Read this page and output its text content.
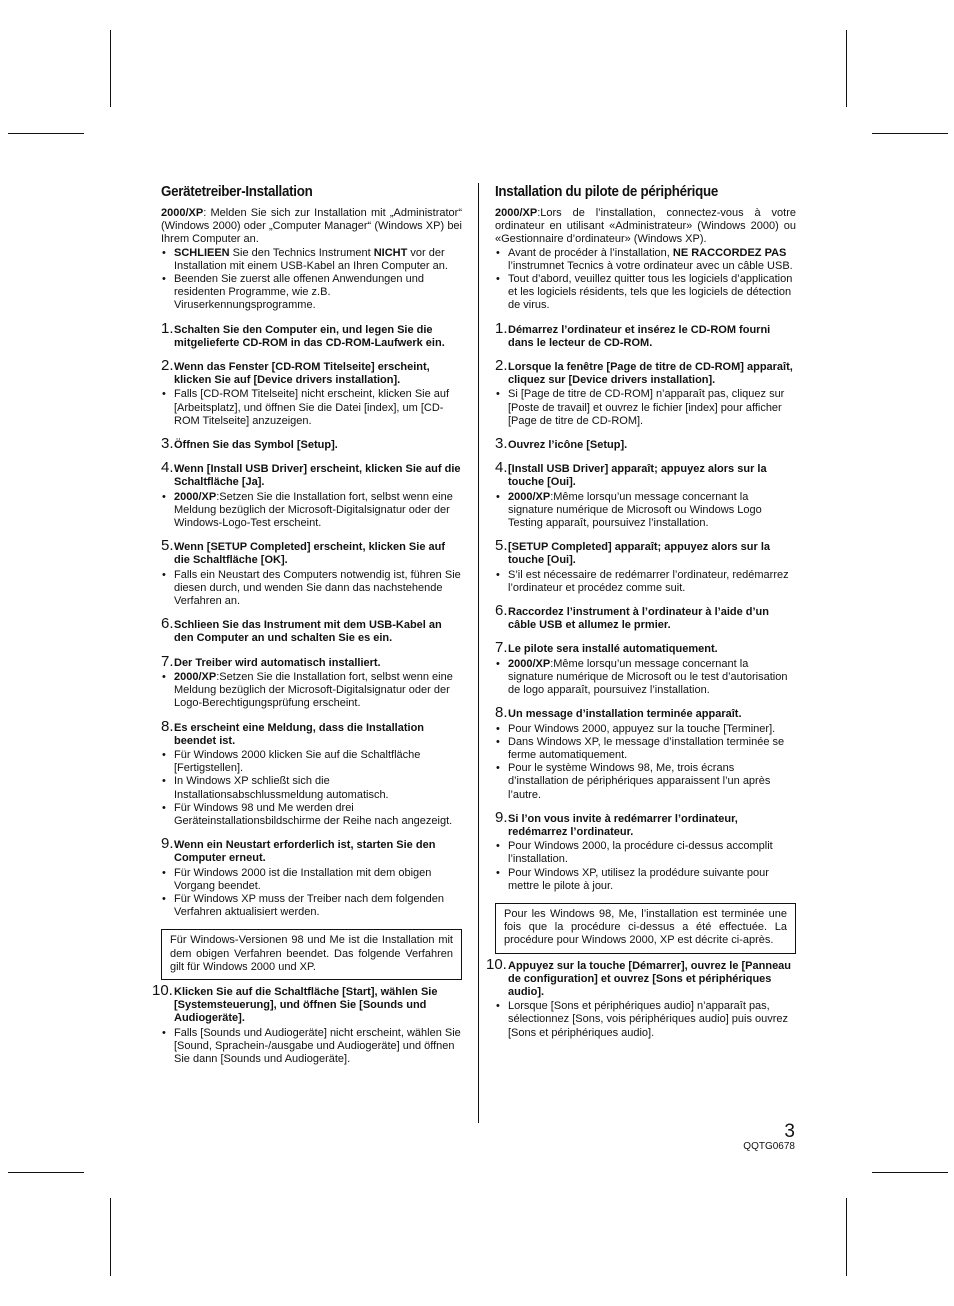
Gerätetreiber-Installation

2000/XP: Melden Sie sich zur Installation mit „Administrator“ (Windows 2000) oder „Computer Manager“ (Windows XP) bei Ihrem Computer an.

• SCHLIEEN Sie den Technics Instrument NICHT vor der Installation mit einem USB-Kabel an Ihren Computer an.
• Beenden Sie zuerst alle offenen Anwendungen und residenten Programme, wie z.B. Viruserkennungsprogramme.
1. Schalten Sie den Computer ein, und legen Sie die mitgelieferte CD-ROM in das CD-ROM-Laufwerk ein.
2. Wenn das Fenster [CD-ROM Titelseite] erscheint, klicken Sie auf [Device drivers installation].
• Falls [CD-ROM Titelseite] nicht erscheint, klicken Sie auf [Arbeitsplatz], und öffnen Sie die Datei [index], um [CD-ROM Titelseite] anzuzeigen.
3. Öffnen Sie das Symbol [Setup].
4. Wenn [Install USB Driver] erscheint, klicken Sie auf die Schaltfläche [Ja].
• 2000/XP:Setzen Sie die Installation fort, selbst wenn eine Meldung bezüglich der Microsoft-Digitalsignatur oder der Windows-Logo-Test erscheint.
5. Wenn [SETUP Completed] erscheint, klicken Sie auf die Schaltfläche [OK].
• Falls ein Neustart des Computers notwendig ist, führen Sie diesen durch, und wenden Sie dann das nachstehende Verfahren an.
6. Schlieen Sie das Instrument mit dem USB-Kabel an den Computer an und schalten Sie es ein.
7. Der Treiber wird automatisch installiert.
• 2000/XP:Setzen Sie die Installation fort, selbst wenn eine Meldung bezüglich der Microsoft-Digitalsignatur oder der Logo-Berechtigungsprüfung erscheint.
8. Es erscheint eine Meldung, dass die Installation beendet ist.
• Für Windows 2000 klicken Sie auf die Schaltfläche [Fertigstellen].
• In Windows XP schließt sich die Installationsabschlussmeldung automatisch.
• Für Windows 98 und Me werden drei Geräteinstallationsbildschirme der Reihe nach angezeigt.
9. Wenn ein Neustart erforderlich ist, starten Sie den Computer erneut.
• Für Windows 2000 ist die Installation mit dem obigen Vorgang beendet.
• Für Windows XP muss der Treiber nach dem folgenden Verfahren aktualisiert werden.
Für Windows-Versionen 98 und Me ist die Installation mit dem obigen Verfahren beendet. Das folgende Verfahren gilt für Windows 2000 und XP.
10. Klicken Sie auf die Schaltfläche [Start], wählen Sie [Systemsteuerung], und öffnen Sie [Sounds und Audiogeräte].
• Falls [Sounds und Audiogeräte] nicht erscheint, wählen Sie [Sound, Sprachein-/ausgabe und Audiogeräte] und öffnen Sie dann [Sounds und Audiogeräte].
Installation du pilote de périphérique

2000/XP:Lors de l’installation, connectez-vous à votre ordinateur en utilisant «Administrateur» (Windows 2000) ou «Gestionnaire d’ordinateur» (Windows XP).

• Avant de procéder à l’installation, NE RACCORDEZ PAS l’instrumnet Tecnics à votre ordinateur avec un câble USB.
• Tout d’abord, veuillez quitter tous les logiciels d’application et les logiciels résidents, tels que les logiciels de détection de virus.
1. Démarrez l’ordinateur et insérez le CD-ROM fourni dans le lecteur de CD-ROM.
2. Lorsque la fenêtre [Page de titre de CD-ROM] apparaît, cliquez sur [Device drivers installation].
• Si [Page de titre de CD-ROM] n’apparaît pas, cliquez sur [Poste de travail] et ouvrez le fichier [index] pour afficher [Page de titre de CD-ROM].
3. Ouvrez l’icône [Setup].
4. [Install USB Driver] apparaît; appuyez alors sur la touche [Oui].
• 2000/XP:Même lorsqu’un message concernant la signature numérique de Microsoft ou Windows Logo Testing apparaît, poursuivez l’installation.
5. [SETUP Completed] apparaît; appuyez alors sur la touche [Oui].
• S’il est nécessaire de redémarrer l’ordinateur, redémarrez l’ordinateur et procédez comme suit.
6. Raccordez l’instrument à l’ordinateur à l’aide d’un câble USB et allumez le prmier.
7. Le pilote sera installé automatiquement.
• 2000/XP:Même lorsqu’un message concernant la signature numérique de Microsoft ou le test d’autorisation de logo apparaît, poursuivez l’installation.
8. Un message d’installation terminée apparaît.
• Pour Windows 2000, appuyez sur la touche [Terminer].
• Dans Windows XP, le message d’installation terminée se ferme automatiquement.
• Pour le système Windows 98, Me, trois écrans d’installation de périphériques apparaissent l’un après l’autre.
9. Si l’on vous invite à redémarrer l’ordinateur, redémarrez l’ordinateur.
• Pour Windows 2000, la procédure ci-dessus accomplit l’installation.
• Pour Windows XP, utilisez la prodédure suivante pour mettre le pilote à jour.
Pour les Windows 98, Me, l’installation est terminée une fois que la procédure ci-dessus a été effectuée. La procédure pour Windows 2000, XP est décrite ci-après.
10. Appuyez sur la touche [Démarrer], ouvrez le [Panneau de configuration] et ouvrez [Sons et périphériques audio].
• Lorsque [Sons et périphériques audio] n’apparaît pas, sélectionnez [Sons, vois périphériques audio] puis ouvrez [Sons et périphériques audio].
3
QQTG0678
